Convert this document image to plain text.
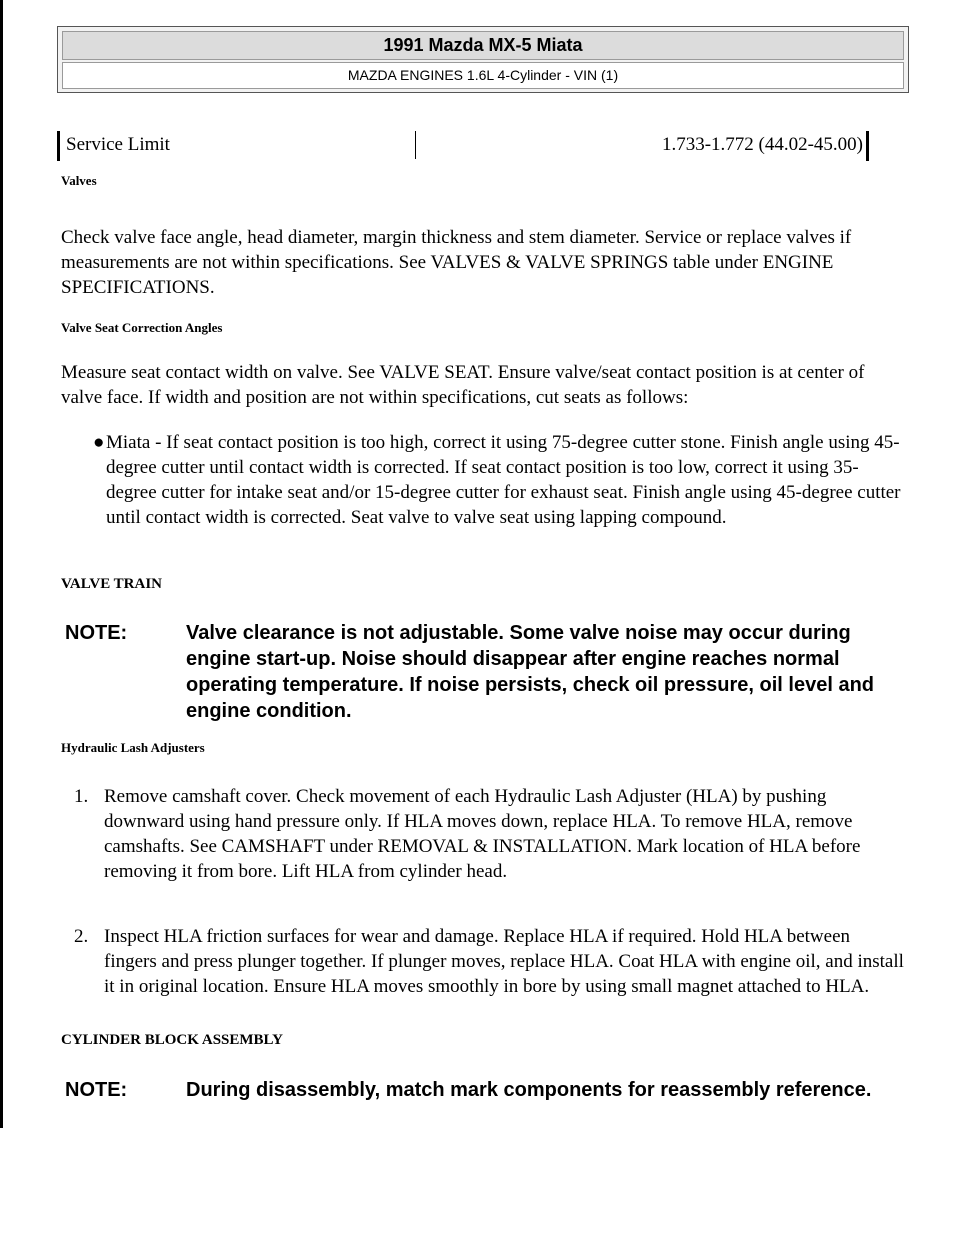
1991 Mazda MX-5 Miata
MAZDA ENGINES 1.6L 4-Cylinder - VIN (1)
Service Limit	1.733-1.772 (44.02-45.00)
Valves

Check valve face angle, head diameter, margin thickness and stem diameter. Service or replace valves if measurements are not within specifications. See VALVES & VALVE SPRINGS table under ENGINE SPECIFICATIONS.

Valve Seat Correction Angles

Measure seat contact width on valve. See VALVE SEAT. Ensure valve/seat contact position is at center of valve face. If width and position are not within specifications, cut seats as follows:

● Miata - If seat contact position is too high, correct it using 75-degree cutter stone. Finish angle using 45-degree cutter until contact width is corrected. If seat contact position is too low, correct it using 35-degree cutter for intake seat and/or 15-degree cutter for exhaust seat. Finish angle using 45-degree cutter until contact width is corrected. Seat valve to valve seat using lapping compound.
VALVE TRAIN
NOTE:	Valve clearance is not adjustable. Some valve noise may occur during engine start-up. Noise should disappear after engine reaches normal operating temperature. If noise persists, check oil pressure, oil level and engine condition.
Hydraulic Lash Adjusters
1. Remove camshaft cover. Check movement of each Hydraulic Lash Adjuster (HLA) by pushing downward using hand pressure only. If HLA moves down, replace HLA. To remove HLA, remove camshafts. See CAMSHAFT under REMOVAL & INSTALLATION. Mark location of HLA before removing it from bore. Lift HLA from cylinder head.
2. Inspect HLA friction surfaces for wear and damage. Replace HLA if required. Hold HLA between fingers and press plunger together. If plunger moves, replace HLA. Coat HLA with engine oil, and install it in original location. Ensure HLA moves smoothly in bore by using small magnet attached to HLA.
CYLINDER BLOCK ASSEMBLY
NOTE:	During disassembly, match mark components for reassembly reference.
